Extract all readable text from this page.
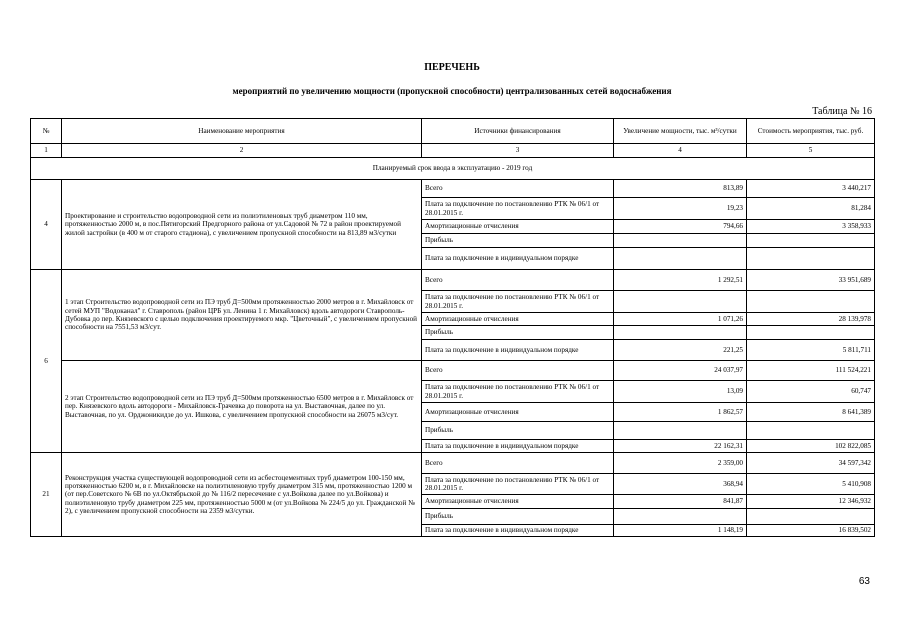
ПЕРЕЧЕНЬ
мероприятий по увеличению мощности (пропускной способности) централизованных сетей водоснабжения
Таблица № 16
№	Наименование мероприятия	Источники финансирования	Увеличение мощности, тыс. м³/сутки	Стоимость мероприятия, тыс. руб.
1	2	3	4	5
Планируемый срок ввода в эксплуатацию - 2019 год				
4	Проектирование и строительство водопроводной сети из полиэтиленовых труб диаметром 110 мм, протяженностью 2000 м, в пос.Пятигорский Предгорного района от ул.Садовой № 72 в район проектируемой жилой застройки (в 400 м от старого стадиона), с увеличением пропускной способности на 813,89 м3/сутки	Всего	813,89	3 440,217
		Плата за подключение по постановлению РТК № 06/1 от 28.01.2015 г.	19,23	81,284
		Амортизационные отчисления	794,66	3 358,933
		Прибыль		
		Плата за подключение в индивидуальном порядке		
6	1 этап Строительство водопроводной сети из ПЭ труб Д=500мм протяженностью 2000 метров в г. Михайловск от сетей МУП "Водоканал" г. Ставрополь (район ЦРБ ул. Ленина 1 г. Михайловск) вдоль автодороги Ставрополь-Дубовка до пер. Князевского с целью подключения проектируемого мкр. "Цветочный", с увеличением пропускной способности на 7551,53 м3/сут.	Всего	1 292,51	33 951,689
		Плата за подключение по постановлению РТК № 06/1 от 28.01.2015 г.		
		Амортизационные отчисления	1 071,26	28 139,978
		Прибыль		
		Плата за подключение в индивидуальном порядке	221,25	5 811,711
	2 этап Строительство водопроводной сети из ПЭ труб Д=500мм протяженностью 6500 метров в г. Михайловск от пер. Князевского вдоль автодороги - Михайловск-Грачевка до поворота на ул. Выставочная, далее по ул. Выставочная, по ул. Орджоникидзе до ул. Ишкова, с увеличением пропускной способности на 26075 м3/сут.	Всего	24 037,97	111 524,221
		Плата за подключение по постановлению РТК № 06/1 от 28.01.2015 г.	13,09	60,747
		Амортизационные отчисления	1 862,57	8 641,389
		Прибыль		
		Плата за подключение в индивидуальном порядке	22 162,31	102 822,085
21	Реконструкция участка существующей водопроводной сети из асбестоцементных труб диаметром 100-150 мм, протяженностью 6200 м, в г. Михайловске на полиэтиленовую трубу диаметром 315 мм, протяженностью 1200 м (от пер.Советского № 6В по ул.Октябрьской до № 116/2 пересечение с ул.Войкова далее по ул.Войкова) и полиэтиленовую трубу диаметром 225 мм, протяженностью 5000 м (от ул.Войкова № 224/5 до ул. Гражданской № 2), с увеличением пропускной способности на 2359 м3/сутки.	Всего	2 359,00	34 597,342
		Плата за подключение по постановлению РТК № 06/1 от 28.01.2015 г.	368,94	5 410,908
		Амортизационные отчисления	841,87	12 346,932
		Прибыль		
		Плата за подключение в индивидуальном порядке	1 148,19	16 839,502
63
